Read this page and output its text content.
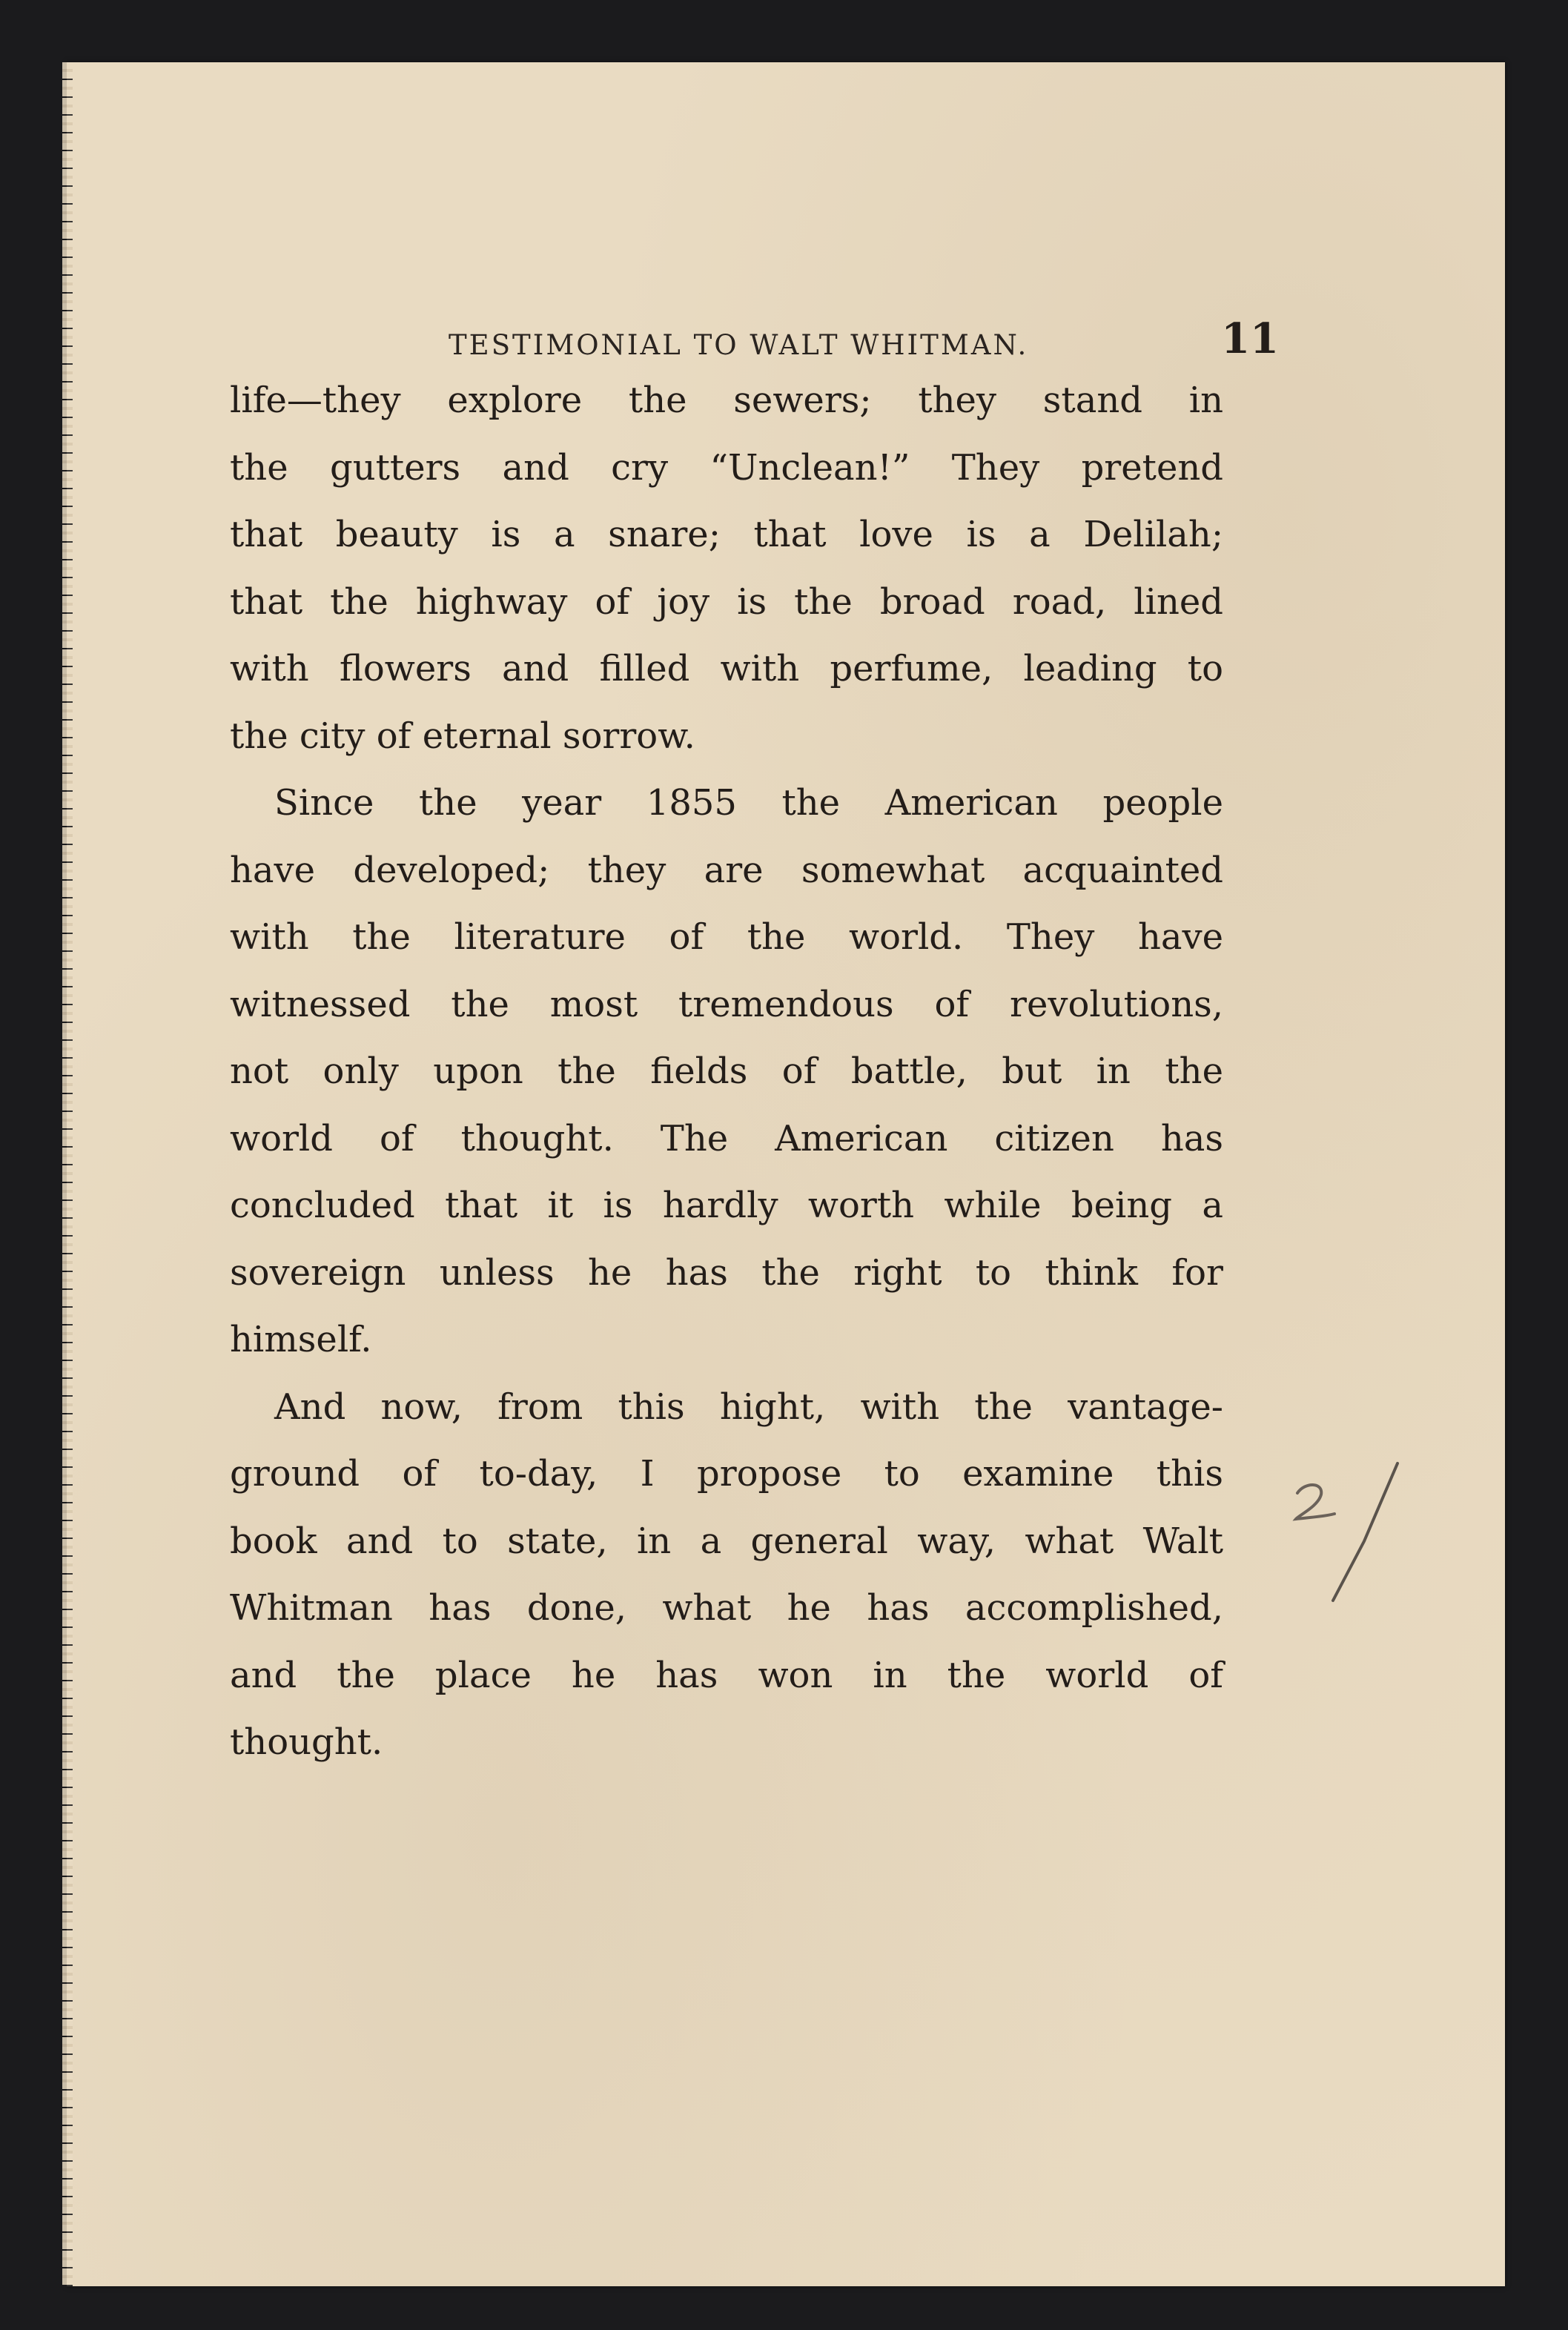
TESTIMONIAL TO WALT WHITMAN.	11
life—they explore the sewers; they stand in
the gutters and cry “Unclean!” They pretend
that beauty is a snare; that love is a Delilah;
that the highway of joy is the broad road, lined
with flowers and filled with perfume, leading to
the city of eternal sorrow.
Since the year 1855 the American people
have developed; they are somewhat acquainted
with the literature of the world. They have
witnessed the most tremendous of revolutions,
not only upon the fields of battle, but in the
world of thought. The American citizen has
concluded that it is hardly worth while being a
sovereign unless he has the right to think for
himself.
And now, from this hight, with the vantage-
ground of to-day, I propose to examine this
book and to state, in a general way, what Walt
Whitman has done, what he has accomplished,
and the place he has won in the world of
thought.
